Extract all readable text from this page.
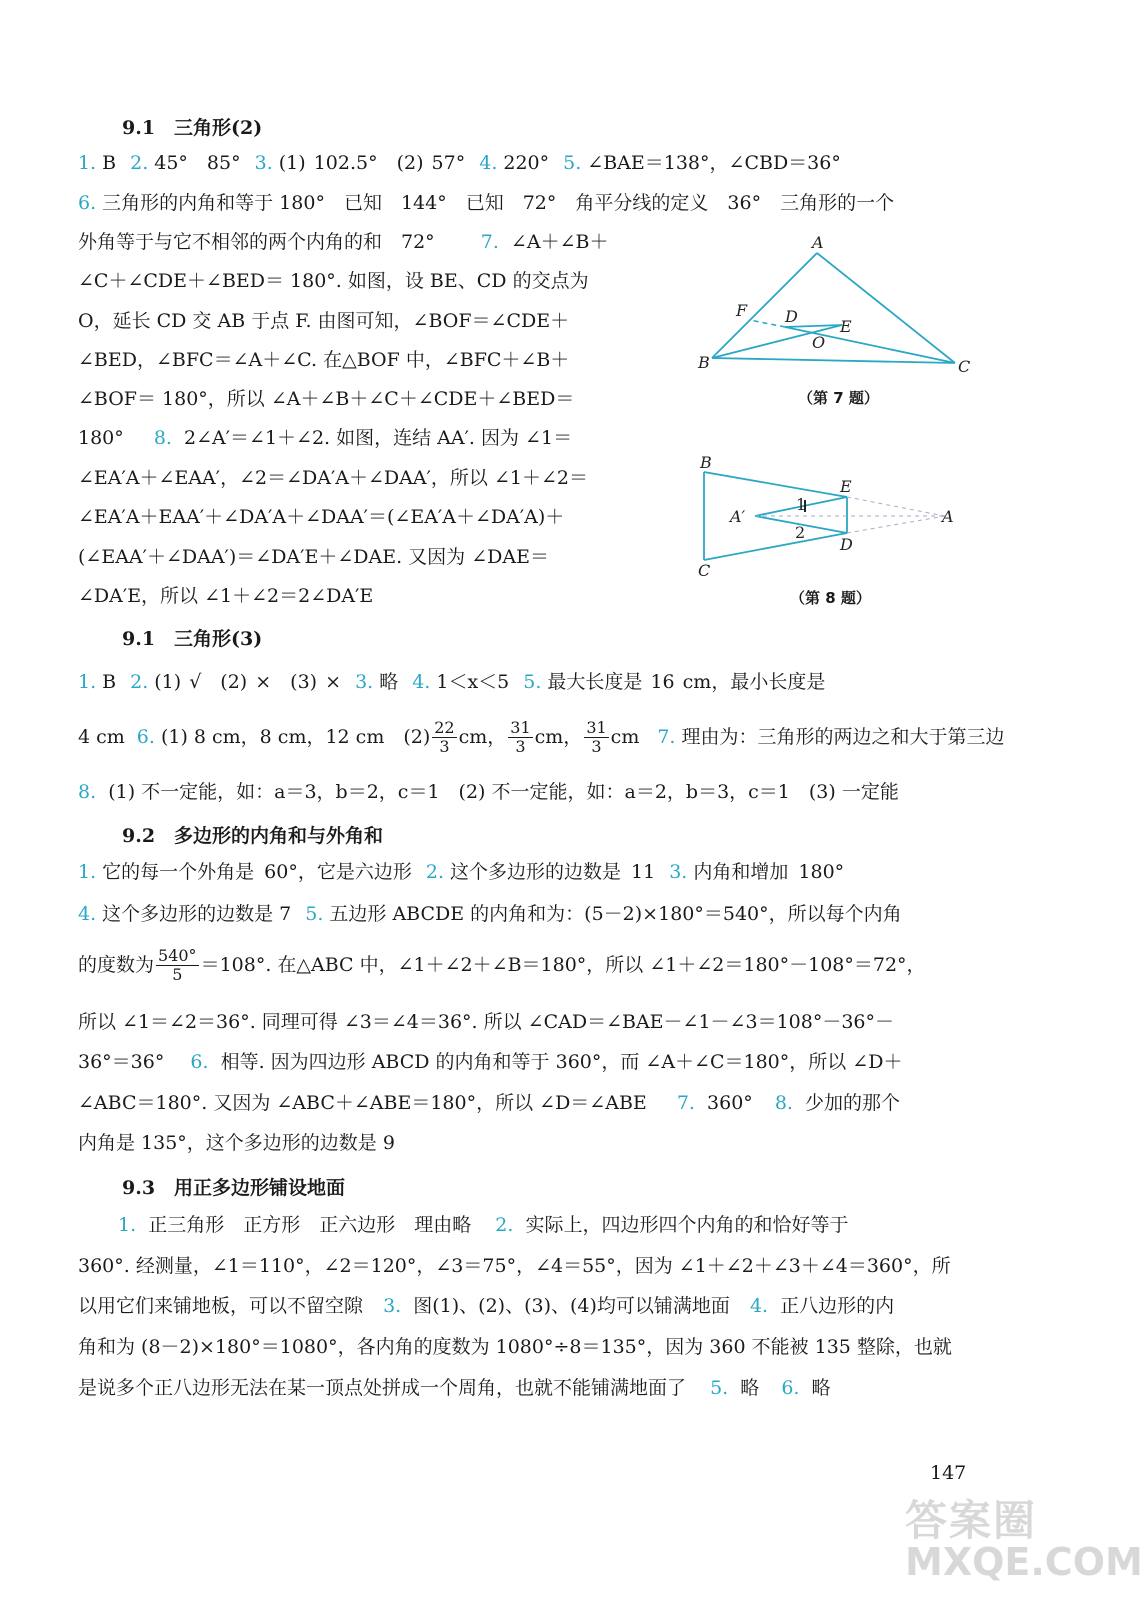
9.1　三角形(2)
1. B 2. 45°　85° 3. (1) 102.5°　(2) 57° 4. 220° 5. ∠BAE＝138°，∠CBD＝36°
6. 三角形的内角和等于 180°　已知　144°　已知　72°　角平分线的定义　36°　三角形的一个
外角等于与它不相邻的两个内角的和　72° 7. ∠A＋∠B＋
∠C＋∠CDE＋∠BED＝ 180°. 如图，设 BE、CD 的交点为
O，延长 CD 交 AB 于点 F. 由图可知，∠BOF＝∠CDE＋
∠BED，∠BFC＝∠A＋∠C. 在△BOF 中，∠BFC＋∠B＋
∠BOF＝ 180°，所以 ∠A＋∠B＋∠C＋∠CDE＋∠BED＝
180° 8. 2∠A′＝∠1＋∠2. 如图，连结 AA′. 因为 ∠1＝
∠EA′A＋∠EAA′，∠2＝∠DA′A＋∠DAA′，所以 ∠1＋∠2＝
∠EA′A＋EAA′＋∠DA′A＋∠DAA′＝(∠EA′A＋∠DA′A)＋
(∠EAA′＋∠DAA′)＝∠DA′E＋∠DAE. 又因为 ∠DAE＝
∠DA′E，所以 ∠1＋∠2＝2∠DA′E
A
B	C
D
E
F
O
（第 7 题）
B
C
E
D
A′	A
1
2
（第 8 题）
9.1　三角形(3)
1. B 2. (1) √　(2) ×　(3) × 3. 略 4. 1＜x＜5 5. 最大长度是 16 cm，最小长度是
4 cm 6. (1) 8 cm，8 cm，12 cm　$(2) \frac{22}{3}$ cm， $\frac{31}{3}$ cm， $\frac{31}{3}$ cm 7. 理由为：三角形的两边之和大于第三边
8. (1) 不一定能，如：a＝3，b＝2，c＝1　(2) 不一定能，如：a＝2，b＝3，c＝1　(3) 一定能
9.2　多边形的内角和与外角和
1. 它的每一个外角是 60°，它是六边形 2. 这个多边形的边数是 11 3. 内角和增加 180°
4. 这个多边形的边数是 7 5. 五边形 ABCDE 的内角和为：(5－2)×180°＝540°，所以每个内角
的度数为 $\frac{540^\circ}{5} =108^\circ$. 在△ABC 中，∠1＋∠2＋∠B＝180°，所以 ∠1＋∠2＝180°－108°＝72°，
所以 ∠1＝∠2＝36°. 同理可得 ∠3＝∠4＝36°. 所以 ∠CAD＝∠BAE－∠1－∠3＝108°－36°－
36°＝36° 6. 相等. 因为四边形 ABCD 的内角和等于 360°，而 ∠A＋∠C＝180°，所以 ∠D＋
∠ABC＝180°. 又因为 ∠ABC＋∠ABE＝180°，所以 ∠D＝∠ABE 7. 360° 8. 少加的那个
内角是 135°，这个多边形的边数是 9
9.3　用正多边形铺设地面
1. 正三角形　正方形　正六边形　理由略 2. 实际上，四边形四个内角的和恰好等于
360°. 经测量，∠1＝110°，∠2＝120°，∠3＝75°，∠4＝55°，因为 ∠1＋∠2＋∠3＋∠4＝360°，所
以用它们来铺地板，可以不留空隙 3. 图(1)、(2)、(3)、(4)均可以铺满地面 4. 正八边形的内
角和为 (8－2)×180°＝1080°，各内角的度数为 1080°÷8＝135°，因为 360 不能被 135 整除，也就
是说多个正八边形无法在某一顶点处拼成一个周角，也就不能铺满地面了 5. 略 6. 略
147
答案圈
MXQE.COM
